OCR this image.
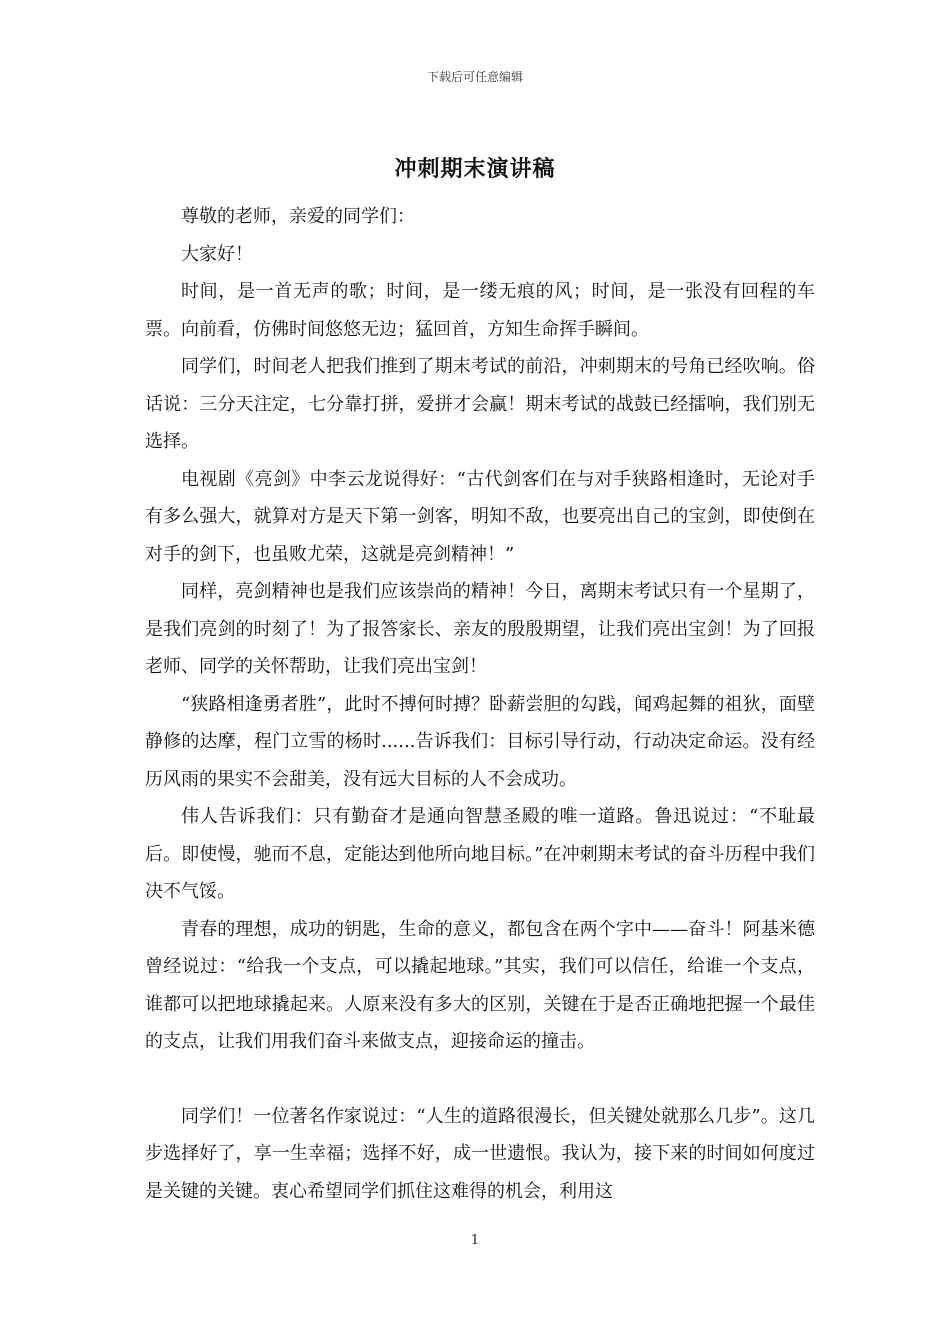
下载后可任意编辑
冲刺期末演讲稿

尊敬的老师，亲爱的同学们：

大家好！

时间，是一首无声的歌；时间，是一缕无痕的风；时间，是一张没有回程的车票。向前看，仿佛时间悠悠无边；猛回首，方知生命挥手瞬间。

同学们，时间老人把我们推到了期末考试的前沿，冲刺期末的号角已经吹响。俗话说：三分天注定，七分靠打拼，爱拼才会赢！期末考试的战鼓已经擂响，我们别无选择。

电视剧《亮剑》中李云龙说得好：“古代剑客们在与对手狭路相逢时，无论对手有多么强大，就算对方是天下第一剑客，明知不敌，也要亮出自己的宝剑，即使倒在对手的剑下，也虽败尤荣，这就是亮剑精神！”

同样，亮剑精神也是我们应该崇尚的精神！今日，离期末考试只有一个星期了，是我们亮剑的时刻了！为了报答家长、亲友的殷殷期望，让我们亮出宝剑！为了回报老师、同学的关怀帮助，让我们亮出宝剑！

“狭路相逢勇者胜”，此时不搏何时搏？卧薪尝胆的勾践，闻鸡起舞的祖狄，面壁静修的达摩，程门立雪的杨时......告诉我们：目标引导行动，行动决定命运。没有经历风雨的果实不会甜美，没有远大目标的人不会成功。

伟人告诉我们：只有勤奋才是通向智慧圣殿的唯一道路。鲁迅说过：“不耻最后。即使慢，驰而不息，定能达到他所向地目标。”在冲刺期末考试的奋斗历程中我们决不气馁。

青春的理想，成功的钥匙，生命的意义，都包含在两个字中——奋斗！阿基米德曾经说过：“给我一个支点，可以撬起地球。”其实，我们可以信任，给谁一个支点，谁都可以把地球撬起来。人原来没有多大的区别，关键在于是否正确地把握一个最佳的支点，让我们用我们奋斗来做支点，迎接命运的撞击。

同学们！一位著名作家说过：“人生的道路很漫长，但关键处就那么几步”。这几步选择好了，享一生幸福；选择不好，成一世遗恨。我认为，接下来的时间如何度过是关键的关键。衷心希望同学们抓住这难得的机会，利用这

1
